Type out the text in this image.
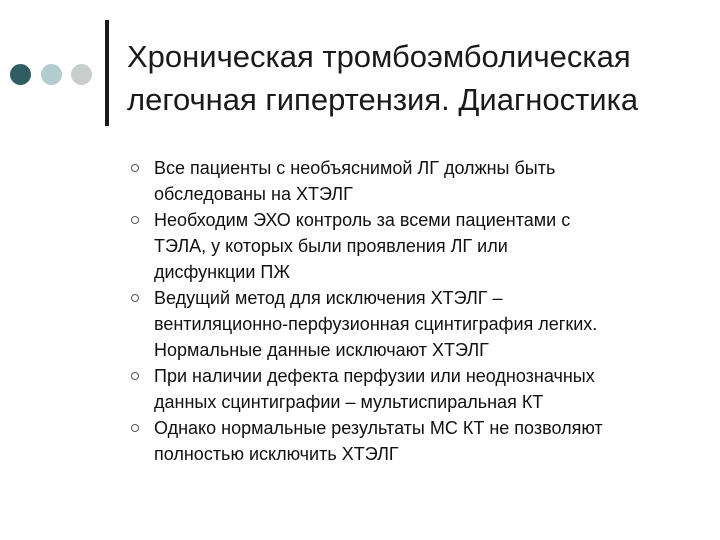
Хроническая тромбоэмболическая
легочная гипертензия. Диагностика
Все пациенты с необъяснимой ЛГ должны быть
обследованы на ХТЭЛГ
Необходим ЭХО контроль за всеми пациентами с
ТЭЛА, у которых были проявления ЛГ или
дисфункции ПЖ
Ведущий метод для исключения ХТЭЛГ –
вентиляционно-перфузионная сцинтиграфия легких.
Нормальные данные исключают ХТЭЛГ
При наличии дефекта перфузии или неоднозначных
данных сцинтиграфии – мультиспиральная КТ
Однако нормальные результаты МС КТ не позволяют
полностью исключить ХТЭЛГ
